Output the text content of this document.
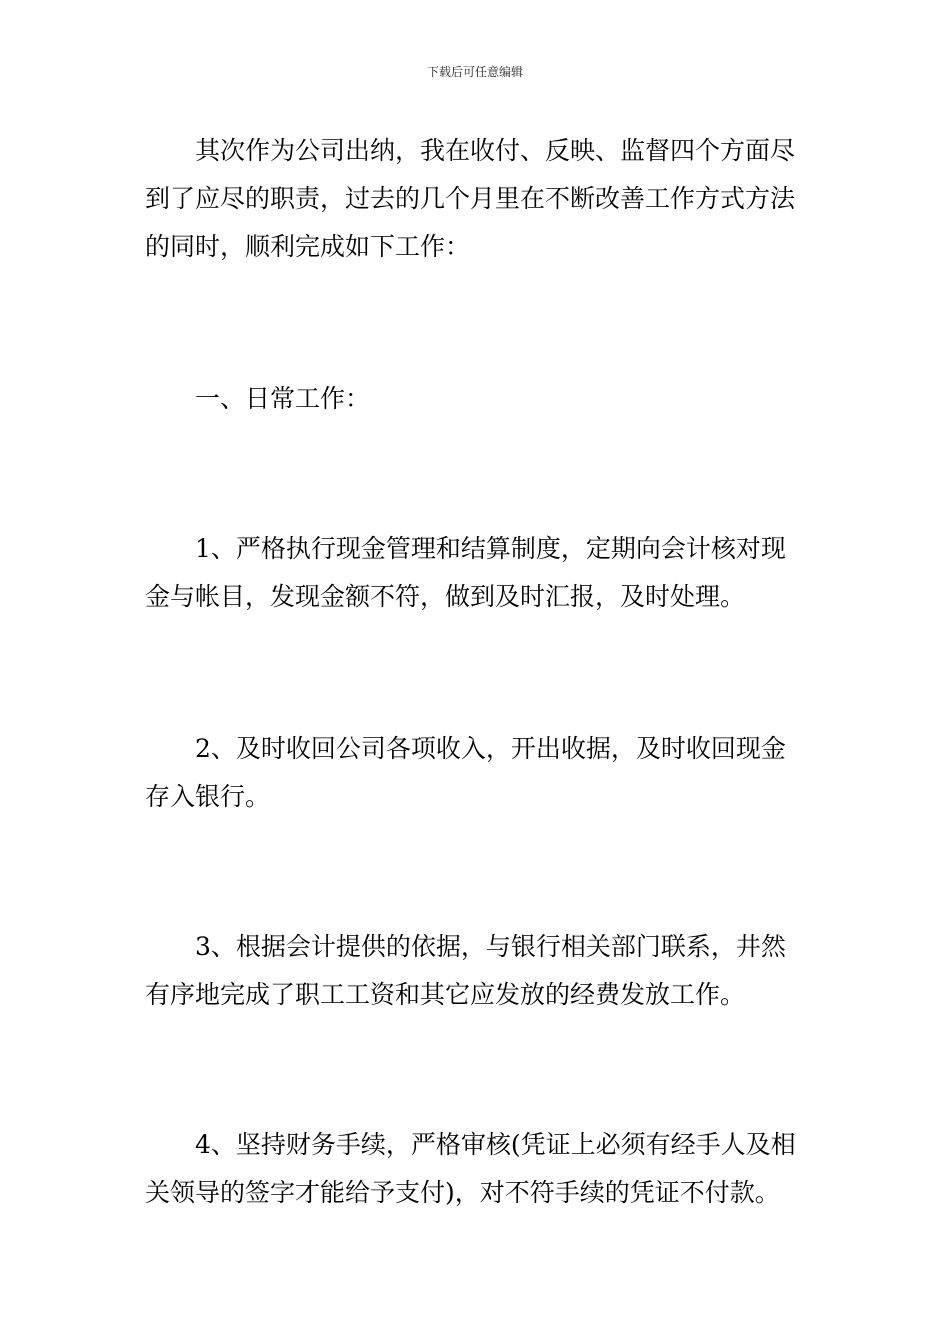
下载后可任意编辑

其次作为公司出纳，我在收付、反映、监督四个方面尽到了应尽的职责，过去的几个月里在不断改善工作方式方法的同时，顺利完成如下工作：

一、日常工作：

1、严格执行现金管理和结算制度，定期向会计核对现金与帐目，发现金额不符，做到及时汇报，及时处理。

2、及时收回公司各项收入，开出收据，及时收回现金存入银行。

3、根据会计提供的依据，与银行相关部门联系，井然有序地完成了职工工资和其它应发放的经费发放工作。

4、坚持财务手续，严格审核(凭证上必须有经手人及相关领导的签字才能给予支付)，对不符手续的凭证不付款。
